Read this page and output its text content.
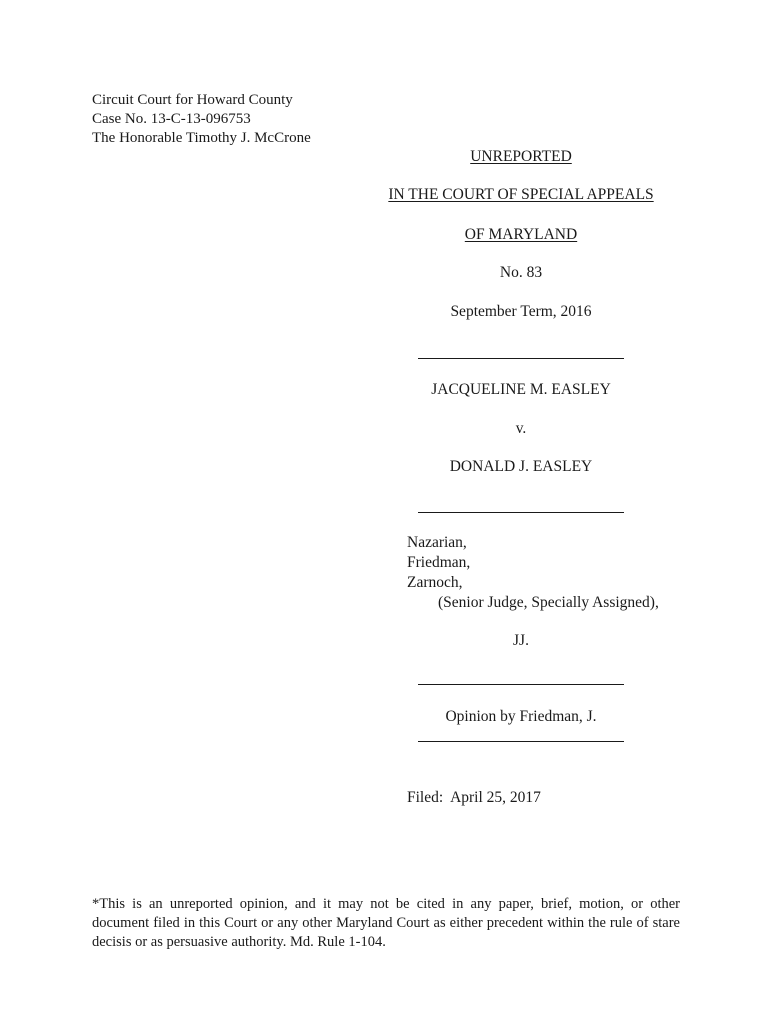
Circuit Court for Howard County
Case No. 13-C-13-096753
The Honorable Timothy J. McCrone
UNREPORTED
IN THE COURT OF SPECIAL APPEALS
OF MARYLAND
No. 83
September Term, 2016
JACQUELINE M. EASLEY
v.
DONALD J. EASLEY
Nazarian,
Friedman,
Zarnoch,
(Senior Judge, Specially Assigned),
JJ.
Opinion by Friedman, J.
Filed:  April 25, 2017
*This is an unreported opinion, and it may not be cited in any paper, brief, motion, or other document filed in this Court or any other Maryland Court as either precedent within the rule of stare decisis or as persuasive authority. Md. Rule 1-104.
